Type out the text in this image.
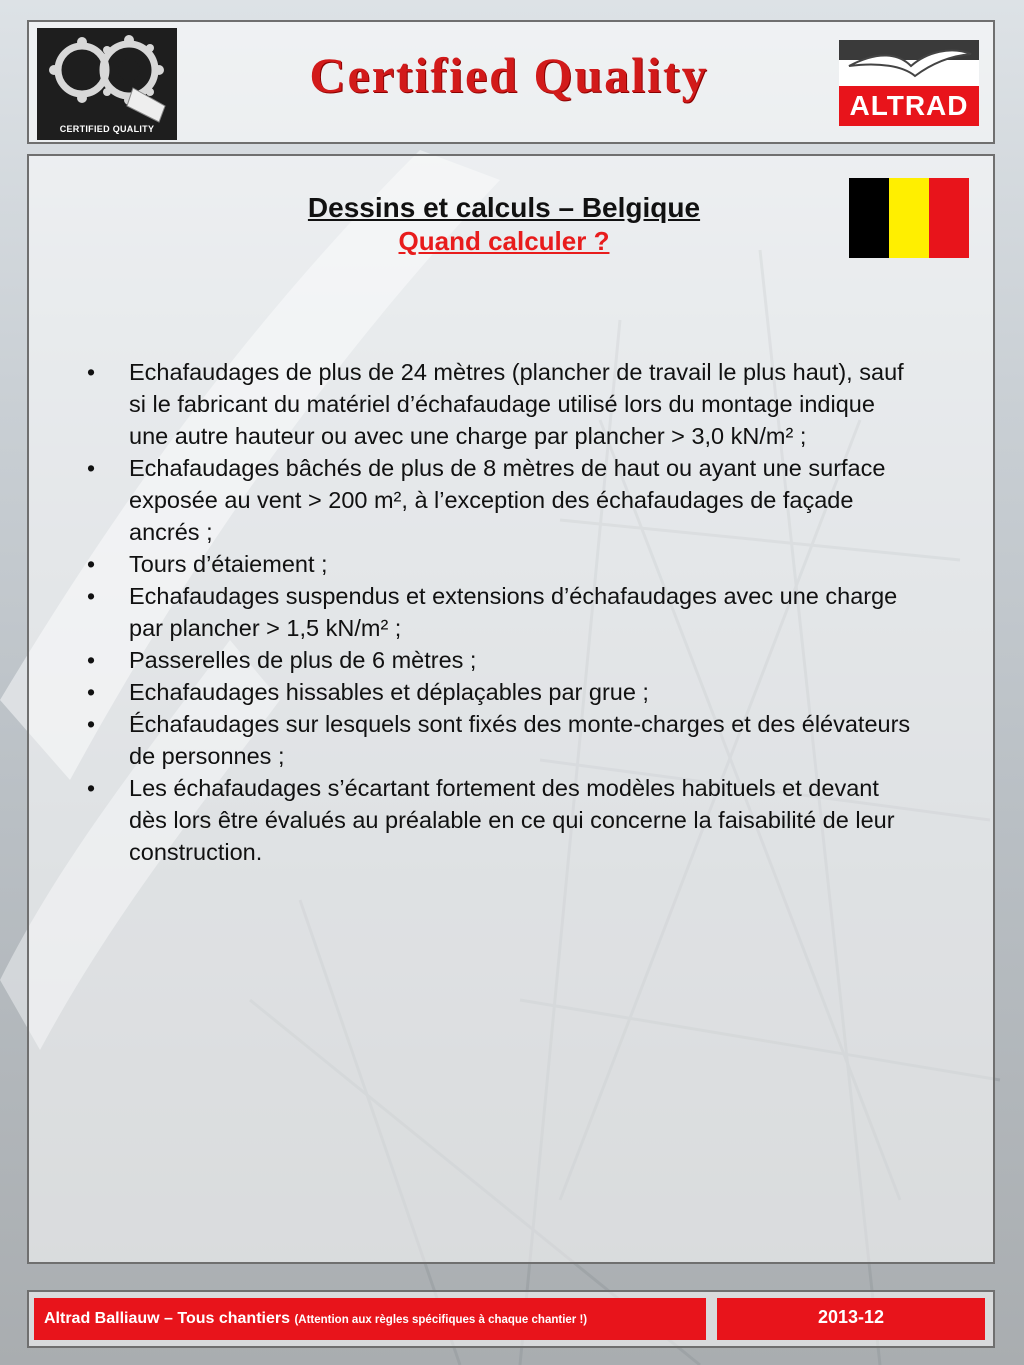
CERTIFIED QUALITY
Certified Quality
ALTRAD
Dessins et calculs – Belgique
Quand calculer ?
• Echafaudages de plus de 24 mètres (plancher de travail le plus haut), sauf si le fabricant du matériel d’échafaudage utilisé lors du montage indique une autre hauteur ou avec une charge par plancher > 3,0 kN/m² ;
• Echafaudages bâchés de plus de 8 mètres de haut ou ayant une surface exposée au vent > 200 m², à l’exception des échafaudages de façade ancrés ;
• Tours d’étaiement ;
• Echafaudages suspendus et extensions d’échafaudages avec une charge par plancher > 1,5 kN/m² ;
• Passerelles de plus de 6 mètres ;
• Echafaudages hissables et déplaçables par grue ;
• Échafaudages sur lesquels sont fixés des monte-charges et des élévateurs de personnes ;
• Les échafaudages s’écartant fortement des modèles habituels et devant dès lors être évalués au préalable en ce qui concerne la faisabilité de leur construction.
Altrad Balliauw – Tous chantiers (Attention aux règles spécifiques à chaque chantier !)	2013-12
